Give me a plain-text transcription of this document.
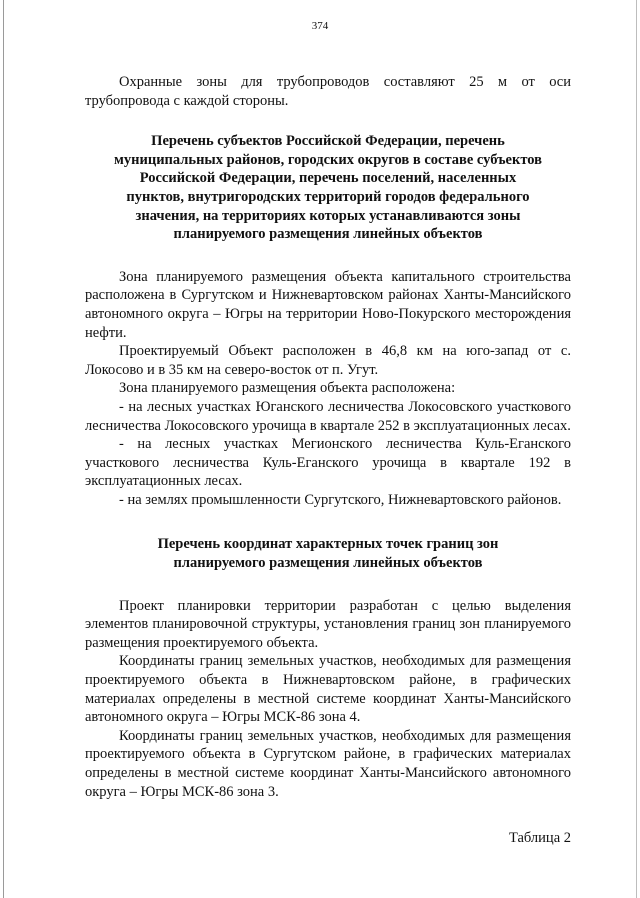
374

Охранные зоны для трубопроводов составляют 25 м от оси трубопровода с каждой стороны.

Перечень субъектов Российской Федерации, перечень муниципальных районов, городских округов в составе субъектов Российской Федерации, перечень поселений, населенных пунктов, внутригородских территорий городов федерального значения, на территориях которых устанавливаются зоны планируемого размещения линейных объектов

Зона планируемого размещения объекта капитального строительства расположена в Сургутском и Нижневартовском районах Ханты-Мансийского автономного округа – Югры на территории Ново-Покурского месторождения нефти.

Проектируемый Объект расположен в 46,8 км на юго-запад от с. Локосово и в 35 км на северо-восток от п. Угут.

Зона планируемого размещения объекта расположена:

- на лесных участках Юганского лесничества Локосовского участкового лесничества Локосовского урочища в квартале 252 в эксплуатационных лесах.

- на лесных участках Мегионского лесничества Куль-Еганского участкового лесничества Куль-Еганского урочища в квартале 192 в эксплуатационных лесах.

- на землях промышленности Сургутского, Нижневартовского районов.

Перечень координат характерных точек границ зон планируемого размещения линейных объектов

Проект планировки территории разработан с целью выделения элементов планировочной структуры, установления границ зон планируемого размещения проектируемого объекта.

Координаты границ земельных участков, необходимых для размещения проектируемого объекта в Нижневартовском районе, в графических материалах определены в местной системе координат Ханты-Мансийского автономного округа – Югры МСК-86 зона 4.

Координаты границ земельных участков, необходимых для размещения проектируемого объекта в Сургутском районе, в графических материалах определены в местной системе координат Ханты-Мансийского автономного округа – Югры МСК-86 зона 3.

Таблица 2
